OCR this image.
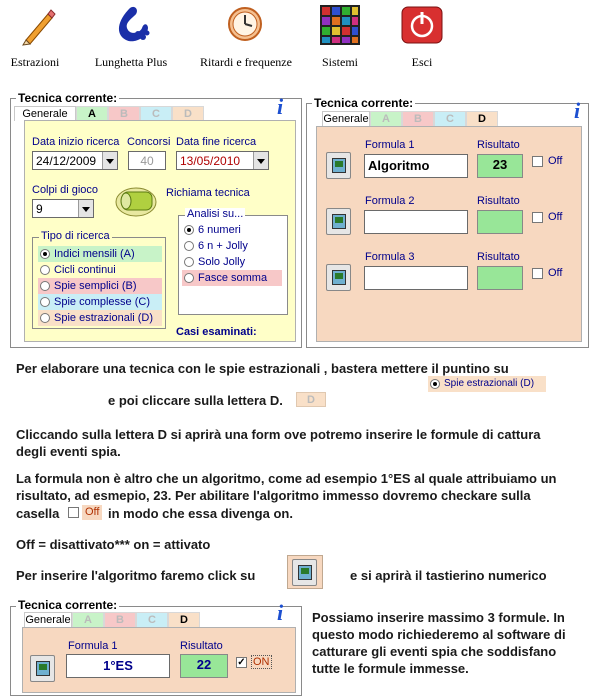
Estrazioni	Lunghetta Plus	Ritardi e frequenze	Sistemi	Esci
Tecnica corrente:
Generale	A	B	C	D	i
Data inizio ricerca
24/12/2009
Concorsi
40
Data fine ricerca
13/05/2010
Colpi di gioco
9
Richiama tecnica
Tipo di ricerca
Indici mensili (A)
Cicli continui
Spie semplici (B)
Spie complesse (C)
Spie estrazionali (D)
Analisi su...
6 numeri
6 n + Jolly
Solo Jolly
Fasce somma
Casi esaminati:
Tecnica corrente:
Generale	A	B	C	D	i
Formula 1
Algoritmo
Risultato
23	Off
Formula 2	Risultato
Off
Formula 3	Risultato
Off
Per elaborare una tecnica con le spie estrazionali , bastera mettere il puntino su
Spie estrazionali (D)
e poi cliccare sulla lettera D.	D
Cliccando sulla lettera D si aprirà una form ove potremo inserire le formule di cattura
degli eventi spia.
La formula non è altro che un algoritmo, come ad esempio 1°ES al quale attribuiamo un
risultato, ad esmepio, 23. Per abilitare l'algoritmo immesso dovremo checkare sulla
casella Off in modo che essa divenga on.
Off = disattivato*** on = attivato
Per inserire l'algoritmo faremo click su	e si aprirà il tastierino numerico
Tecnica corrente:
Generale	A	B	C	D	i
Formula 1
1°ES
Risultato
22	✓ ON
Possiamo inserire massimo 3 formule. In
questo modo richiederemo al software di
catturare gli eventi spia che soddisfano
tutte le formule immesse.
